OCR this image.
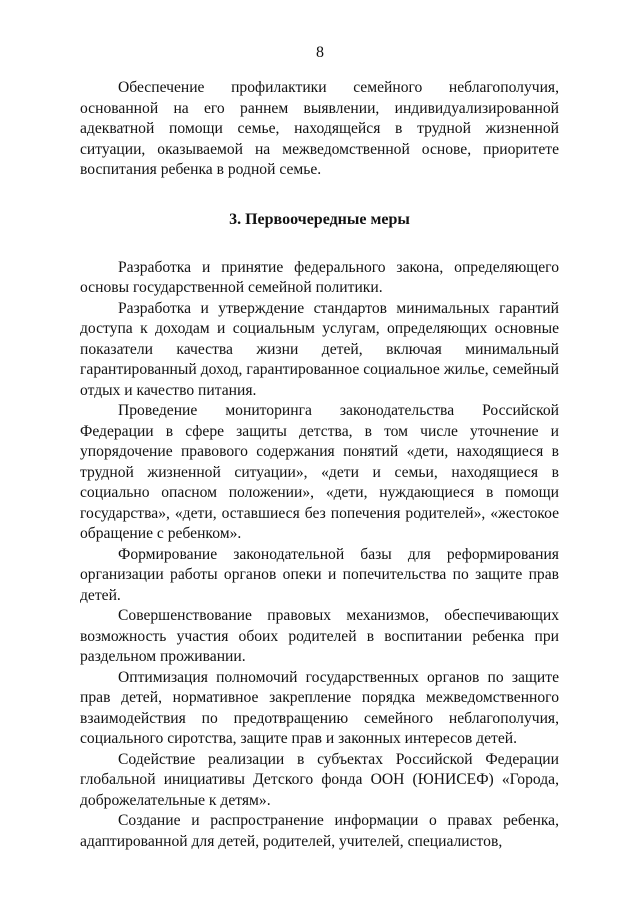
8

Обеспечение профилактики семейного неблагополучия, основанной на его раннем выявлении, индивидуализированной адекватной помощи семье, находящейся в трудной жизненной ситуации, оказываемой на межведомственной основе, приоритете воспитания ребенка в родной семье.

3. Первоочередные меры

Разработка и принятие федерального закона, определяющего основы государственной семейной политики.

Разработка и утверждение стандартов минимальных гарантий доступа к доходам и социальным услугам, определяющих основные показатели качества жизни детей, включая минимальный гарантированный доход, гарантированное социальное жилье, семейный отдых и качество питания.

Проведение мониторинга законодательства Российской Федерации в сфере защиты детства, в том числе уточнение и упорядочение правового содержания понятий «дети, находящиеся в трудной жизненной ситуации», «дети и семьи, находящиеся в социально опасном положении», «дети, нуждающиеся в помощи государства», «дети, оставшиеся без попечения родителей», «жестокое обращение с ребенком».

Формирование законодательной базы для реформирования организации работы органов опеки и попечительства по защите прав детей.

Совершенствование правовых механизмов, обеспечивающих возможность участия обоих родителей в воспитании ребенка при раздельном проживании.

Оптимизация полномочий государственных органов по защите прав детей, нормативное закрепление порядка межведомственного взаимодействия по предотвращению семейного неблагополучия, социального сиротства, защите прав и законных интересов детей.

Содействие реализации в субъектах Российской Федерации глобальной инициативы Детского фонда ООН (ЮНИСЕФ) «Города, доброжелательные к детям».

Создание и распространение информации о правах ребенка, адаптированной для детей, родителей, учителей, специалистов,
